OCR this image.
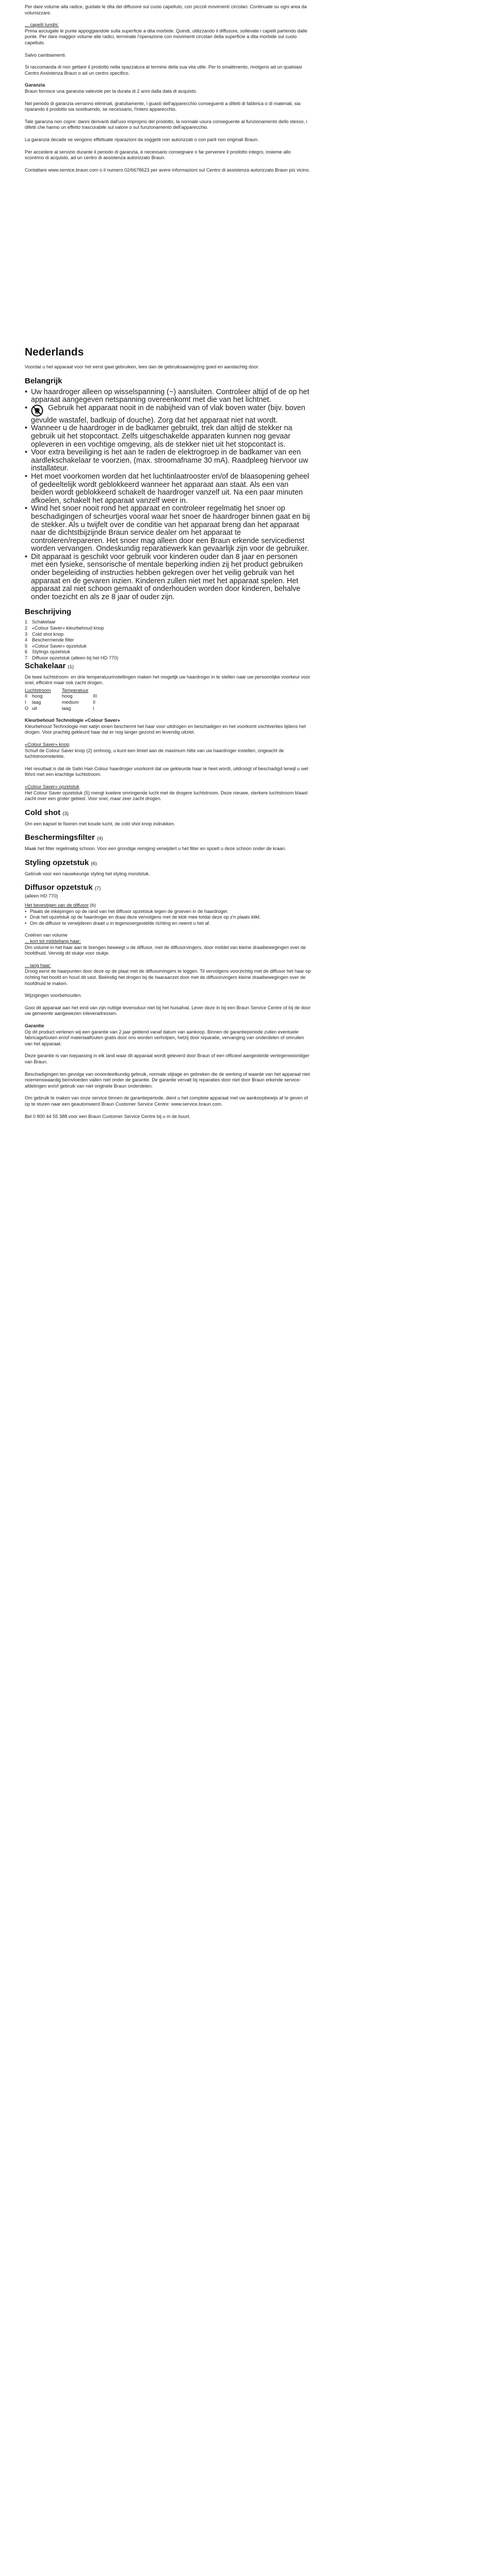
Per dare volume alla radice, guidate le dita del diffusore sul cuoio capelluto, con piccoli movimenti circolari. Continuate su ogni area da volumizzare.

... capelli lunghi:

Prima asciugate le punte appoggiandole sulla superficie a dita morbide. Quindi, utilizzando il diffusore, sollevate i capelli partendo dalle punte. Per dare maggior volume alle radici, terminate l'operazione con movimenti circolari della superficie a dita morbide sul cuoio capelluto.

Salvo cambiamenti.

Si raccomanda di non gettare il prodotto nella spazzatura al termine della sua vita utile. Per lo smaltimento, rivolgersi ad un qualsiasi Centro Assistenza Braun o ad un centro specifico.

Garanzia

Braun fornisce una garanzia valevole per la durata di 2 anni dalla data di acquisto.

Nel periodo di garanzia verranno eliminati, gratuitamente, i guasti dell'apparecchio conseguenti a difetti di fabbrica o di materiali, sia riparando il prodotto sia sostituendo, se necessario, l'intero apparecchio.

Tale garanzia non copre: danni derivanti dall'uso improprio del prodotto, la normale usura conseguente al funzionamento dello stesso, i difetti che hanno un effetto trascurabile sul valore o sul funzionamento dell'apparecchio.

La garanzia decade se vengono effettuate riparazioni da soggetti non autorizzati o con parti non originali Braun.

Per accedere al servizio durante il periodo di garanzia, è necessario consegnare o far pervenire il prodotto integro, insieme allo scontrino di acquisto, ad un centro di assistenza autorizzato Braun.

Contattare www.service.braun.com o il numero 02/6678623 per avere informazioni sul Centro di assistenza autorizzato Braun più vicino.

Nederlands

Voordat u het apparaat voor het eerst gaat gebruiken, lees dan de gebruiksaanwijzing goed en aandachtig door.

Belangrijk
• Uw haardroger alleen op wisselspanning (~) aansluiten. Controleer altijd of de op het apparaat aangegeven netspanning overeenkomt met die van het lichtnet.
•	Gebruik het apparaat nooit in de nabijheid van of vlak boven water (bijv. boven gevulde wastafel, badkuip of douche). Zorg dat het apparaat niet nat wordt.
• Wanneer u de haardroger in de badkamer gebruikt, trek dan altijd de stekker na gebruik uit het stopcontact. Zelfs uitgeschakelde apparaten kunnen nog gevaar opleveren in een vochtige omgeving, als de stekker niet uit het stopcontact is.
• Voor extra beveiliging is het aan te raden de elektrogroep in de badkamer van een aardlekschakelaar te voorzien, (max. stroomafname 30 mA). Raadpleeg hiervoor uw installateur.
• Het moet voorkomen worden dat het luchtinlaatrooster en/of de blaasopening geheel of gedeeltelijk wordt geblokkeerd wanneer het apparaat aan staat. Als een van beiden wordt geblokkeerd schakelt de haardroger vanzelf uit. Na een paar minuten afkoelen, schakelt het apparaat vanzelf weer in.
• Wind het snoer nooit rond het apparaat en controleer regelmatig het snoer op beschadigingen of scheurtjes vooral waar het snoer de haardroger binnen gaat en bij de stekker. Als u twijfelt over de conditie van het apparaat breng dan het apparaat naar de dichtstbijzijnde Braun service dealer om het apparaat te controleren/repareren. Het snoer mag alleen door een Braun erkende servicedienst worden vervangen. Ondeskundig reparatiewerk kan gevaarlijk zijn voor de gebruiker.
• Dit apparaat is geschikt voor gebruik voor kinderen ouder dan 8 jaar en personen met een fysieke, sensorische of mentale beperking indien zij het product gebruiken onder begeleiding of instructies hebben gekregen over het veilig gebruik van het apparaat en de gevaren inzien. Kinderen zullen niet met het apparaat spelen. Het apparaat zal niet schoon gemaakt of onderhouden worden door kinderen, behalve onder toezicht en als ze 8 jaar of ouder zijn.
Beschrijving
1 Schakelaar
2 «Colour Saver» kleurbehoud knop
3 Cold shot knop
4 Beschermende filter
5 «Colour Saver» opzetstuk
6 Stylings opzetstuk
7 Diffusor opzetstuk (alleen bij het HD 770)
Schakelaar (1)

De twee luchtstroom- en drie temperatuurinstellingen maken het mogelijk uw haardroger in te stellen naar uw persoonlijke voorkeur voor snel, efficiënt maar ook zacht drogen.

Luchtstroom		Temperatuur	
II	hoog	hoog	III
I	laag	medium	II
O	uit	laag	I

Kleurbehoud Technologie «Colour Saver»

Kleurbehoud Technologie met satijn ionen beschermt het haar voor uitdrogen en beschadigen en het voorkomt vochtverlies tijdens het drogen. Voor prachtig gekleurd haar dat er nog langer gezond en levendig uitziet.

«Colour Saver» knop

Schuif de Colour Saver knop (2) omhoog, u kunt een limiet aan de maximum hitte van uw haardroger instellen, ongeacht de luchtstroomsterkte.

Het resultaat is dat de Satin Hair Colour haardroger voorkomt dat uw gekleurde haar te heet wordt, uitdroogt of beschadigd terwijl u wel föhnt met een krachtige luchtstroom.

«Colour Saver» opzetstuk

Het Colour Saver opzetstuk (5) mengt koelere omringende lucht met de drogere luchtstroom. Deze nieuwe, sterkere luchtstroom blaast zacht over een groter gebied. Voor snel, maar zeer zacht drogen.

Cold shot (3)

Om een kapsel te fixeren met koude lucht, de cold shot knop indrukken.

Beschermingsfilter (4)

Maak het filter regelmatig schoon. Voor een grondige reiniging verwijdert u het filter en spoelt u deze schoon onder de kraan.

Styling opzetstuk (6)

Gebruik voor een nauwkeurige styling het styling mondstuk.

Diffusor opzetstuk (7)

(alleen HD 770)

Het bevestigen van de diffusor (b)

• Plaats de inkepingen op de rand van het diffusor opzetstuk tegen de groeven in de haardroger.
• Druk het opzetstuk op de haardroger en draai deze vervolgens met de klok mee totdat deze op z'n plaats klikt.
• Om de diffusor te verwijderen draait u in tegenovergestelde richting en neemt u het af.

Creëren van volume

... kort tot middellang haar:

Om volume in het haar aan te brengen beweegt u de diffusor, met de diffusorvingers, door middel van kleine draaibewegingen over de hoofdhuid. Vervolg dit stukje voor stukje.

... lang haar:

Droog eerst de haarpunten door deze op de plaat met de diffusorvingers te leggen. Til vervolgens voorzichtig met de diffusor het haar op richting het hoofd en houd dit vast. Beëindig het drogen bij de haaraanzet door met de diffusorvingers kleine draaibewegingen over de hoofdhuid te maken.

Wijzigingen voorbehouden.

Gooi dit apparaat aan het eind van zijn nuttige levensduur niet bij het huisafval. Lever deze in bij een Braun Service Centre of bij de door uw gemeente aangewezen inleveradressen.

Garantie

Op dit product verlenen wij een garantie van 2 jaar geldend vanaf datum van aankoop. Binnen de garantieperiode zullen eventuele fabricagefouten en/of materiaalfouten gratis door ons worden verholpen, hetzij door reparatie, vervanging van onderdelen of omruilen van het apparaat.

Deze garantie is van toepassing in elk land waar dit apparaat wordt geleverd door Braun of een officieel aangestelde vertegenwoordiger van Braun.

Beschadigingen ten gevolge van onoordeelkundig gebruik, normale slijtage en gebreken die de werking of waarde van het apparaat niet noemenswaardig beïnvloeden vallen niet onder de garantie. De garantie vervalt bij reparaties door niet door Braun erkende service-afdelingen en/of gebruik van niet originele Braun onderdelen.

Om gebruik te maken van onze service binnen de garantieperiode, dient u het complete apparaat met uw aankoopbewijs af te geven of op te sturen naar een geautoriseerd Braun Customer Service Centre: www.service.braun.com.

Bel 0 800 44 55 388 voor een Braun Customer Service Centre bij u in de buurt.
